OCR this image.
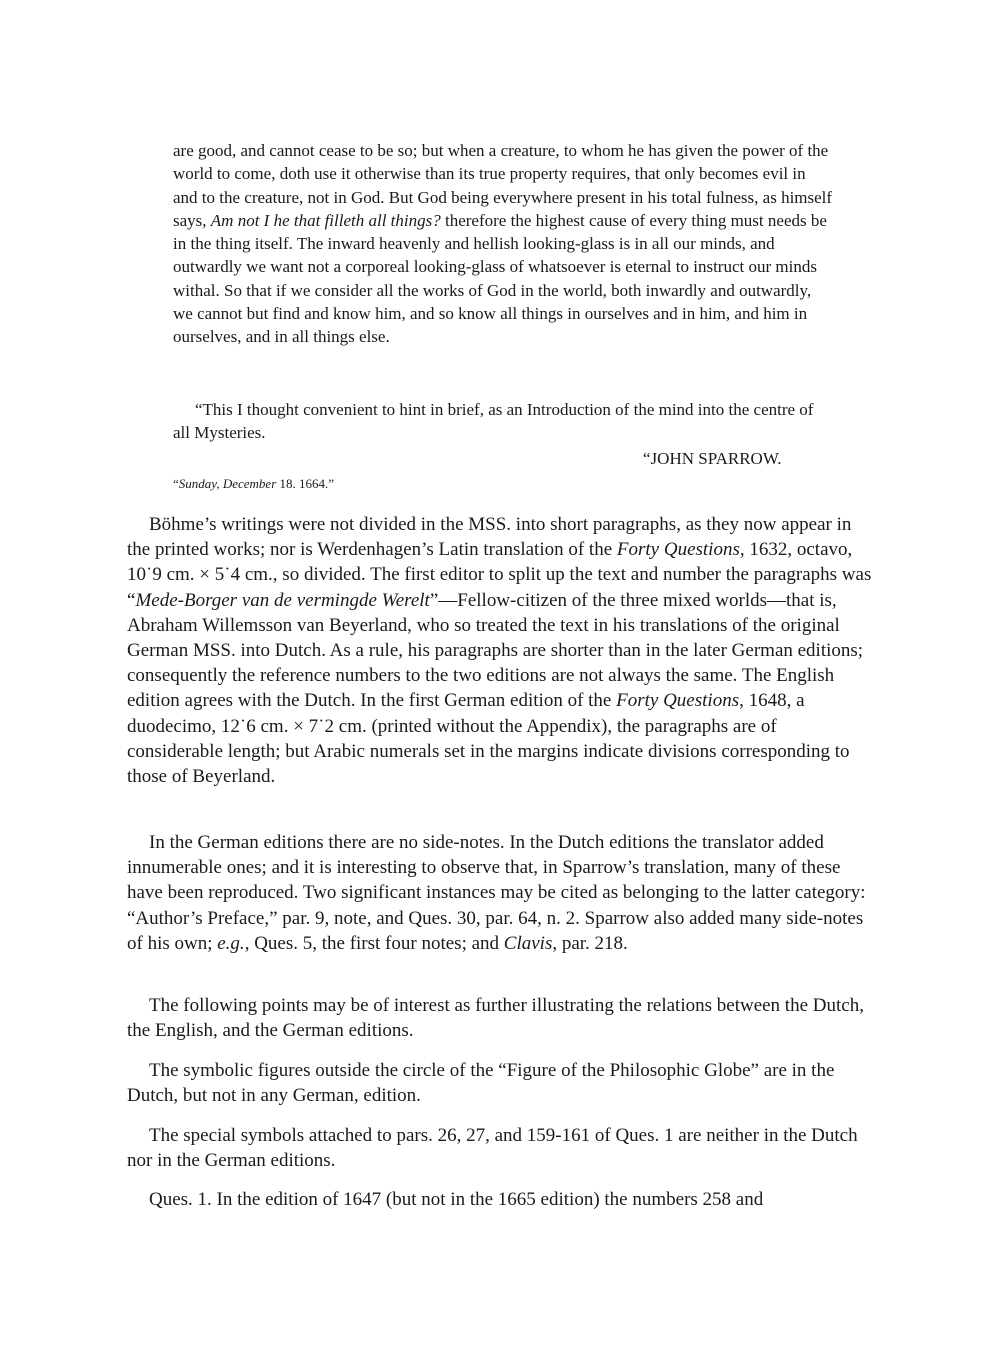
are good, and cannot cease to be so; but when a creature, to whom he has given the power of the world to come, doth use it otherwise than its true property requires, that only becomes evil in and to the creature, not in God. But God being everywhere present in his total fulness, as himself says, Am not I he that filleth all things? therefore the highest cause of every thing must needs be in the thing itself. The inward heavenly and hellish looking-glass is in all our minds, and outwardly we want not a corporeal looking-glass of whatsoever is eternal to instruct our minds withal. So that if we consider all the works of God in the world, both inwardly and outwardly, we cannot but find and know him, and so know all things in ourselves and in him, and him in ourselves, and in all things else.

“This I thought convenient to hint in brief, as an Introduction of the mind into the centre of all Mysteries.

“JOHN SPARROW.
“Sunday, December 18. 1664.”

Böhme’s writings were not divided in the MSS. into short paragraphs, as they now appear in the printed works; nor is Werdenhagen’s Latin translation of the Forty Questions, 1632, octavo, 10˙9 cm. × 5˙4 cm., so divided. The first editor to split up the text and number the paragraphs was “Mede-Borger van de vermingde Werelt”—Fellow-citizen of the three mixed worlds—that is, Abraham Willemsson van Beyerland, who so treated the text in his translations of the original German MSS. into Dutch. As a rule, his paragraphs are shorter than in the later German editions; consequently the reference numbers to the two editions are not always the same. The English edition agrees with the Dutch. In the first German edition of the Forty Questions, 1648, a duodecimo, 12˙6 cm. × 7˙2 cm. (printed without the Appendix), the paragraphs are of considerable length; but Arabic numerals set in the margins indicate divisions corresponding to those of Beyerland.

In the German editions there are no side-notes. In the Dutch editions the translator added innumerable ones; and it is interesting to observe that, in Sparrow’s translation, many of these have been reproduced. Two significant instances may be cited as belonging to the latter category: “Author’s Preface,” par. 9, note, and Ques. 30, par. 64, n. 2. Sparrow also added many side-notes of his own; e.g., Ques. 5, the first four notes; and Clavis, par. 218.

The following points may be of interest as further illustrating the relations between the Dutch, the English, and the German editions.

The symbolic figures outside the circle of the “Figure of the Philosophic Globe” are in the Dutch, but not in any German, edition.

The special symbols attached to pars. 26, 27, and 159-161 of Ques. 1 are neither in the Dutch nor in the German editions.

Ques. 1. In the edition of 1647 (but not in the 1665 edition) the numbers 258 and
